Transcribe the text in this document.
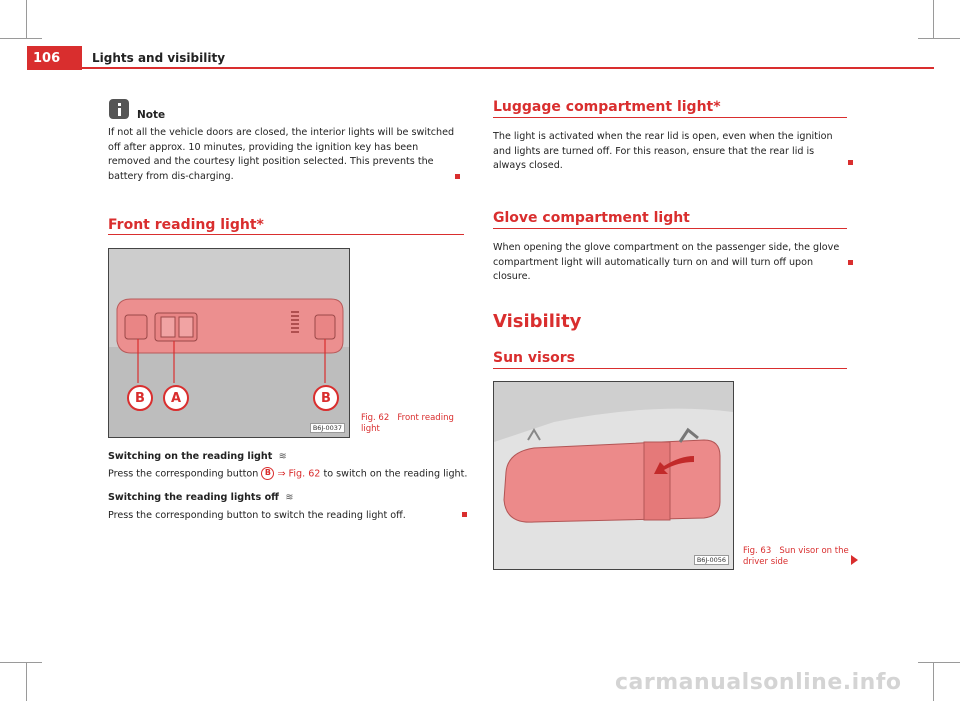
106	Lights and visibility
Note
If not all the vehicle doors are closed, the interior lights will be switched off after approx. 10 minutes, providing the ignition key has been removed and the courtesy light position selected. This prevents the battery from dis-charging.
Front reading light*
B	A	B
B6J-0037
Fig. 62 Front reading light
Switching on the reading light  ≋
Press the corresponding button B ⇒ Fig. 62 to switch on the reading light.
Switching the reading lights off  ≋
Press the corresponding button to switch the reading light off.
Luggage compartment light*
The light is activated when the rear lid is open, even when the ignition and lights are turned off. For this reason, ensure that the rear lid is always closed.
Glove compartment light
When opening the glove compartment on the passenger side, the glove compartment light will automatically turn on and will turn off upon closure.
Visibility
Sun visors
B6J-0056
Fig. 63 Sun visor on the driver side
carmanualsonline.info
